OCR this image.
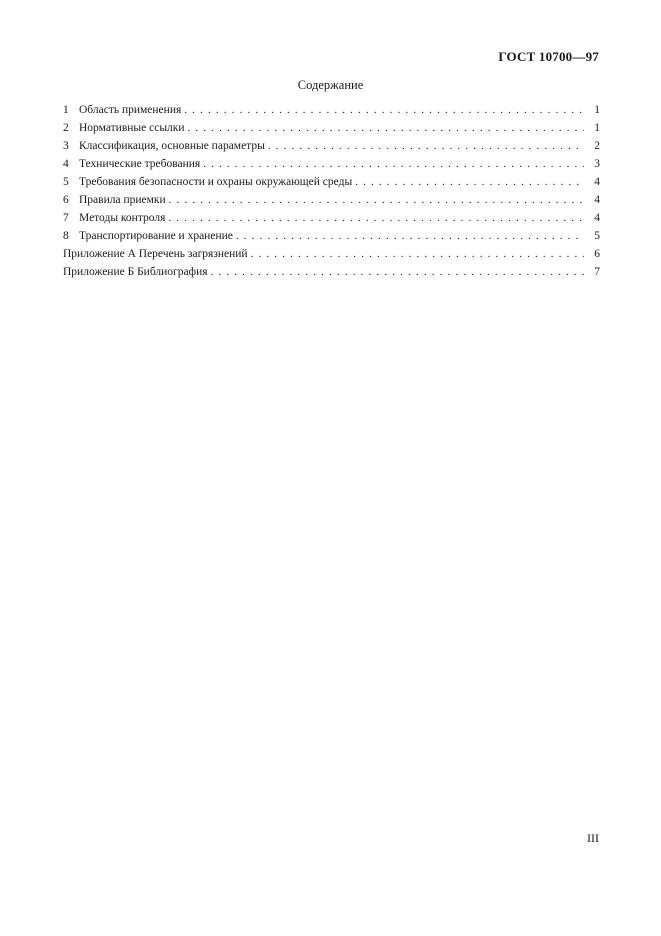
ГОСТ 10700—97
Содержание
1 Область применения . . .	1
2 Нормативные ссылки . . .	1
3 Классификация, основные параметры . . .	2
4 Технические требования . . .	3
5 Требования безопасности и охраны окружающей среды . . .	4
6 Правила приемки . . .	4
7 Методы контроля . . .	4
8 Транспортирование и хранение . . .	5
Приложение А Перечень загрязнений . . .	6
Приложение Б Библиография . . .	7
III
